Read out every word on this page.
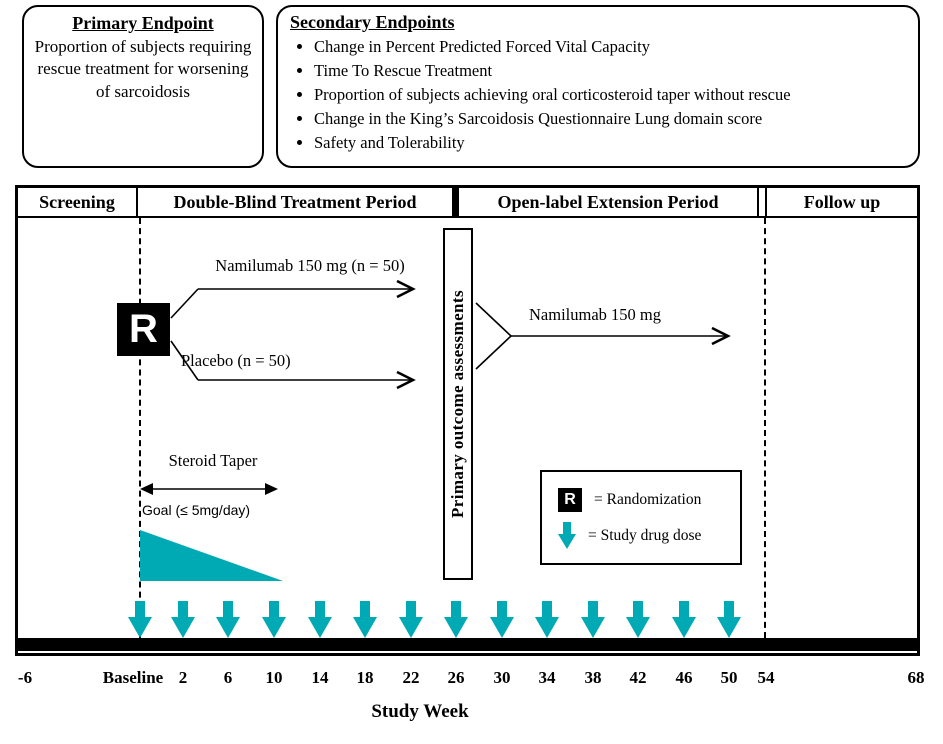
Primary Endpoint
Proportion of subjects requiring rescue treatment for worsening of sarcoidosis
Secondary Endpoints
• Change in Percent Predicted Forced Vital Capacity
• Time To Rescue Treatment
• Proportion of subjects achieving oral corticosteroid taper without rescue
• Change in the King’s Sarcoidosis Questionnaire Lung domain score
• Safety and Tolerability
Screening	Double-Blind Treatment Period	Open-label Extension Period	Follow up
R
Namilumab 150 mg (n = 50)
Placebo (n = 50)
Namilumab 150 mg
Primary outcome assessments
Steroid Taper
Goal (≤ 5mg/day)
R	= Randomization
= Study drug dose
-6	Baseline 2 6 10 14 18 22 26 30 34 38 42 46 50 54	68
Study Week
